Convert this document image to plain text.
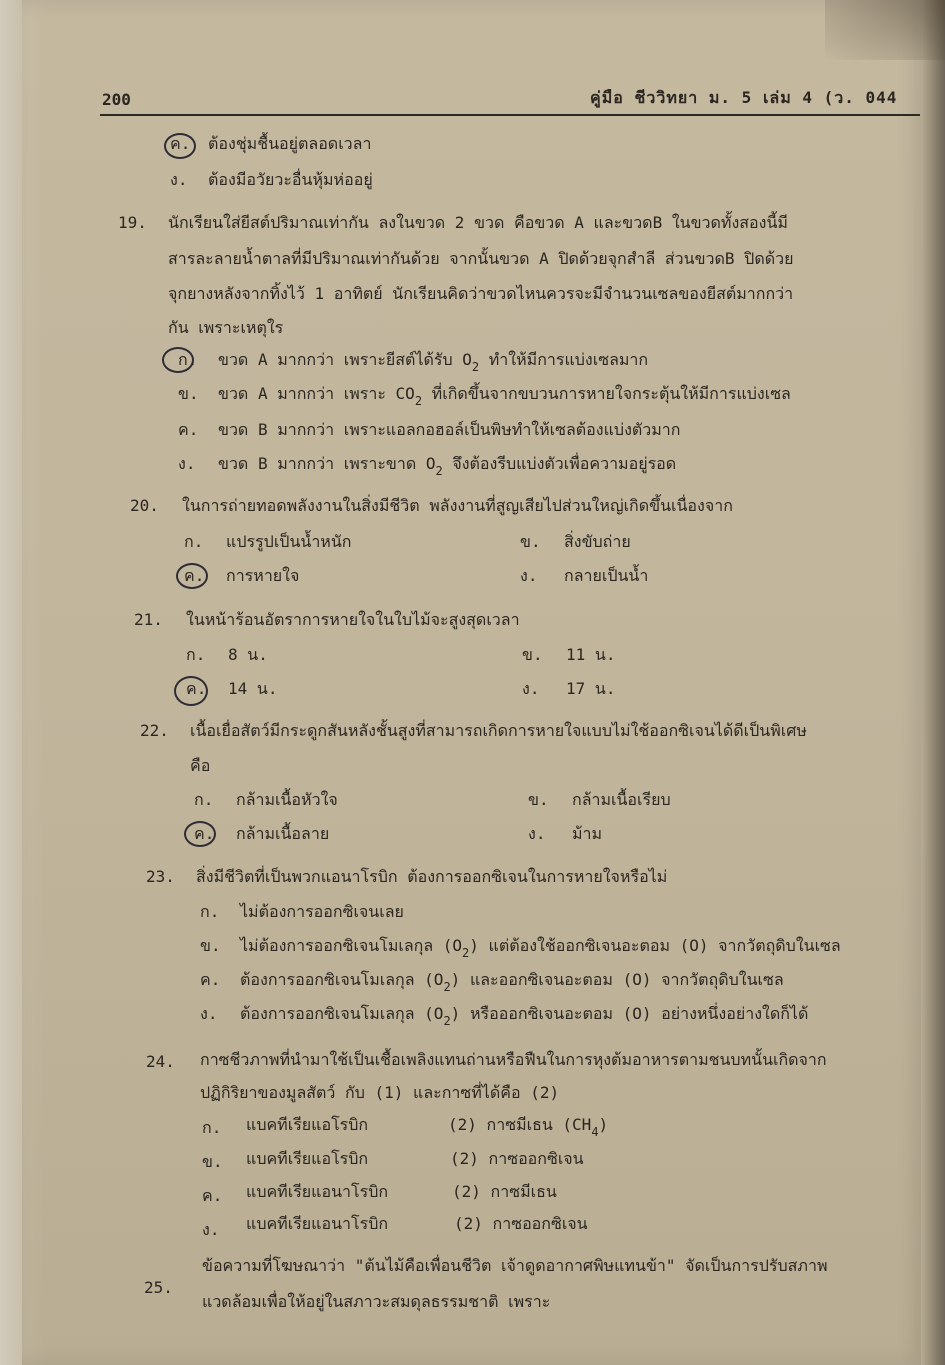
200	คู่มือ ชีววิทยา ม. 5 เล่ม 4 (ว. 044
ค. ต้องชุ่มชื้นอยู่ตลอดเวลา
ง. ต้องมีอวัยวะอื่นหุ้มห่ออยู่
19. นักเรียนใส่ยีสต์ปริมาณเท่ากัน ลงในขวด 2 ขวด คือขวด A และขวดB ในขวดทั้งสองนี้มี
สารละลายน้ำตาลที่มีปริมาณเท่ากันด้วย จากนั้นขวด A ปิดด้วยจุกสำลี ส่วนขวดB ปิดด้วย
จุกยางหลังจากทิ้งไว้ 1 อาทิตย์ นักเรียนคิดว่าขวดไหนควรจะมีจำนวนเซลของยีสต์มากกว่า
กัน เพราะเหตุใร
ก. ขวด A มากกว่า เพราะยีสต์ได้รับ $O_2$ ทำให้มีการแบ่งเซลมาก
ข. ขวด A มากกว่า เพราะ $CO_2$ ที่เกิดขึ้นจากขบวนการหายใจกระตุ้นให้มีการแบ่งเซล
ค. ขวด B มากกว่า เพราะแอลกอฮอล์เป็นพิษทำให้เซลต้องแบ่งตัวมาก
ง. ขวด B มากกว่า เพราะขาด $O_2$ จึงต้องรีบแบ่งตัวเพื่อความอยู่รอด
20. ในการถ่ายทอดพลังงานในสิ่งมีชีวิต พลังงานที่สูญเสียไปส่วนใหญ่เกิดขึ้นเนื่องจาก
ก. แปรรูปเป็นน้ำหนัก	ข. สิ่งขับถ่าย
ค. การหายใจ	ง. กลายเป็นน้ำ
21. ในหน้าร้อนอัตราการหายใจในใบไม้จะสูงสุดเวลา
ก. 8 น.	ข. 11 น.
ค. 14 น.	ง. 17 น.
22. เนื้อเยื่อสัตว์มีกระดูกสันหลังชั้นสูงที่สามารถเกิดการหายใจแบบไม่ใช้ออกซิเจนได้ดีเป็นพิเศษ
คือ
ก. กล้ามเนื้อหัวใจ	ข. กล้ามเนื้อเรียบ
ค. กล้ามเนื้อลาย	ง. ม้าม
23. สิ่งมีชีวิตที่เป็นพวกแอนาโรบิก ต้องการออกซิเจนในการหายใจหรือไม่
ก. ไม่ต้องการออกซิเจนเลย
ข. ไม่ต้องการออกซิเจนโมเลกุล $(O_2)$ แต่ต้องใช้ออกซิเจนอะตอม (O) จากวัตถุดิบในเซล
ค. ต้องการออกซิเจนโมเลกุล $(O_2)$ และออกซิเจนอะตอม (O) จากวัตถุดิบในเซล
ง. ต้องการออกซิเจนโมเลกุล $(O_2)$ หรือออกซิเจนอะตอม (O) อย่างหนึ่งอย่างใดก็ได้
24. กาซชีวภาพที่นำมาใช้เป็นเชื้อเพลิงแทนถ่านหรือฟืนในการหุงต้มอาหารตามชนบทนั้นเกิดจาก
ปฏิกิริยาของมูลสัตว์ กับ (1) และกาซที่ได้คือ (2)
ก. แบคทีเรียแอโรบิก	(2) กาซมีเธน $(CH_4)$
ข. แบคทีเรียแอโรบิก	(2) กาซออกซิเจน
ค. แบคทีเรียแอนาโรบิก	(2) กาซมีเธน
ง. แบคทีเรียแอนาโรบิก	(2) กาซออกซิเจน
25.
ข้อความที่โฆษณาว่า "ต้นไม้คือเพื่อนชีวิต เจ้าดูดอากาศพิษแทนข้า" จัดเป็นการปรับสภาพ
แวดล้อมเพื่อให้อยู่ในสภาวะสมดุลธรรมชาติ เพราะ
